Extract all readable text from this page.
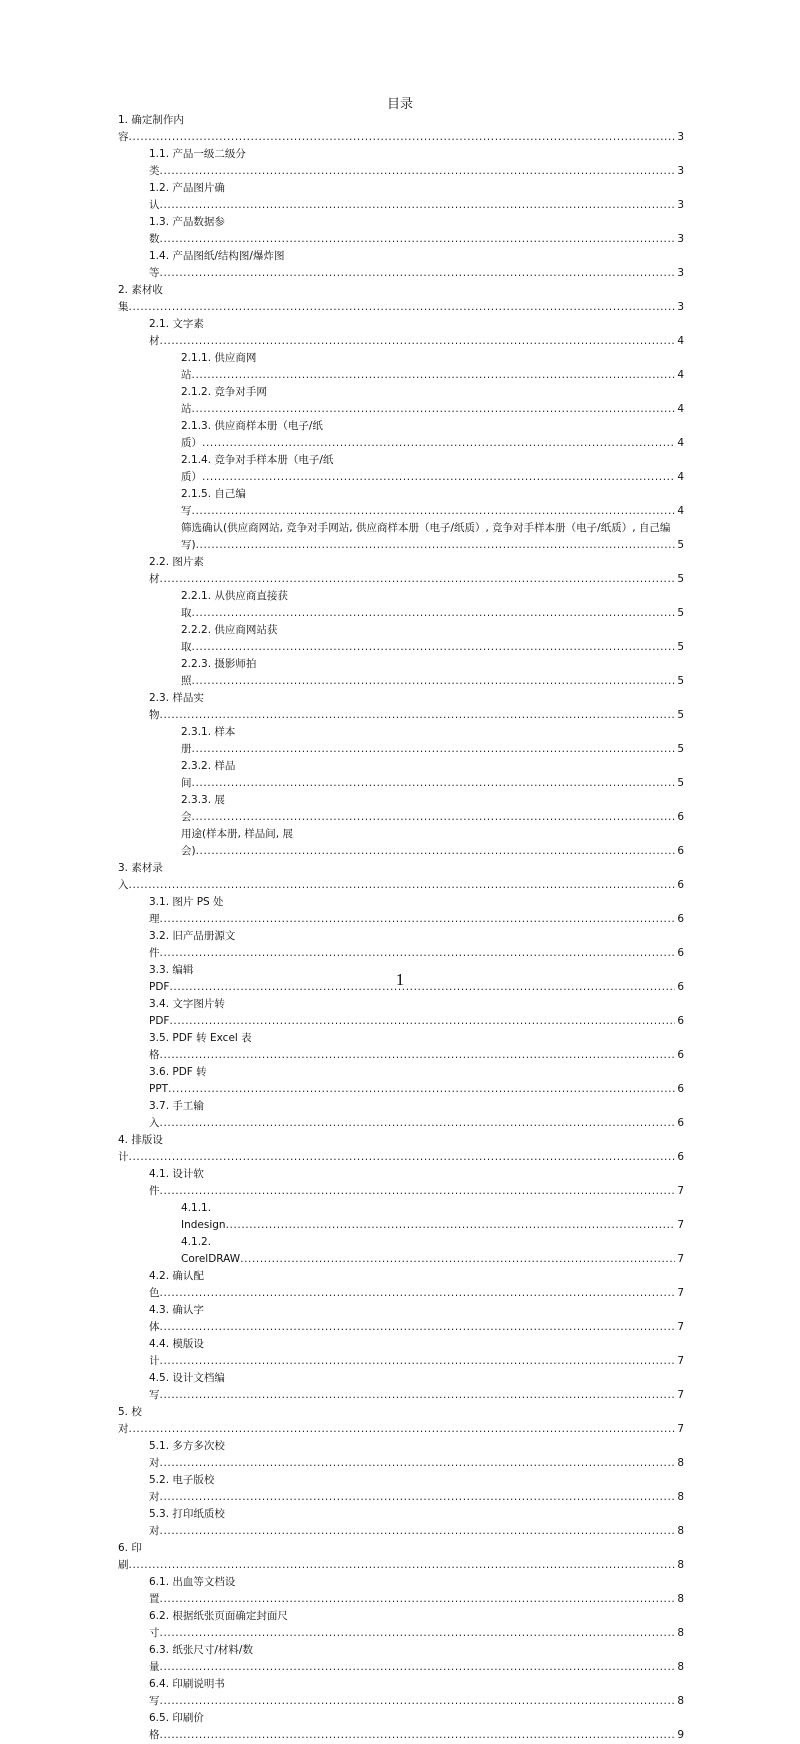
目录
1. 确定制作内容 .....	3
1.1. 产品一级二级分类 .....	3
1.2. 产品图片确认 .....	3
1.3. 产品数据参数 .....	3
1.4. 产品图纸/结构图/爆炸图等 .....	3
2. 素材收集 .....	3
2.1. 文字素材 .....	4
2.1.1. 供应商网站 .....	4
2.1.2. 竞争对手网站 .....	4
2.1.3. 供应商样本册（电子/纸质） .....	4
2.1.4. 竞争对手样本册（电子/纸质） .....	4
2.1.5. 自己编写 .....	4
筛选确认(供应商网站, 竞争对手网站, 供应商样本册（电子/纸质）, 竞争对手样本册（电子/纸质）, 自己编写) .....	5
2.2. 图片素材 .....	5
2.2.1. 从供应商直接获取 .....	5
2.2.2. 供应商网站获取 .....	5
2.2.3. 摄影师拍照 .....	5
2.3. 样品实物 .....	5
2.3.1. 样本册 .....	5
2.3.2. 样品间 .....	5
2.3.3. 展会 .....	6
用途(样本册, 样品间, 展会) .....	6
3. 素材录入 .....	6
3.1. 图片 PS 处理 .....	6
3.2. 旧产品册源文件 .....	6
3.3. 编辑 PDF .....	6
3.4. 文字图片转 PDF .....	6
3.5. PDF 转 Excel 表格 .....	6
3.6. PDF 转 PPT .....	6
3.7. 手工输入 .....	6
4. 排版设计 .....	6
4.1. 设计软件 .....	7
4.1.1. Indesign .....	7
4.1.2. CorelDRAW .....	7
4.2. 确认配色 .....	7
4.3. 确认字体 .....	7
4.4. 模版设计 .....	7
4.5. 设计文档编写 .....	7
5. 校对 .....	7
5.1. 多方多次校对 .....	8
5.2. 电子版校对 .....	8
5.3. 打印纸质校对 .....	8
6. 印刷 .....	8
6.1. 出血等文档设置 .....	8
6.2. 根据纸张页面确定封面尺寸 .....	8
6.3. 纸张尺寸/材料/数量 .....	8
6.4. 印刷说明书写 .....	8
6.5. 印刷价格 .....	9
1
